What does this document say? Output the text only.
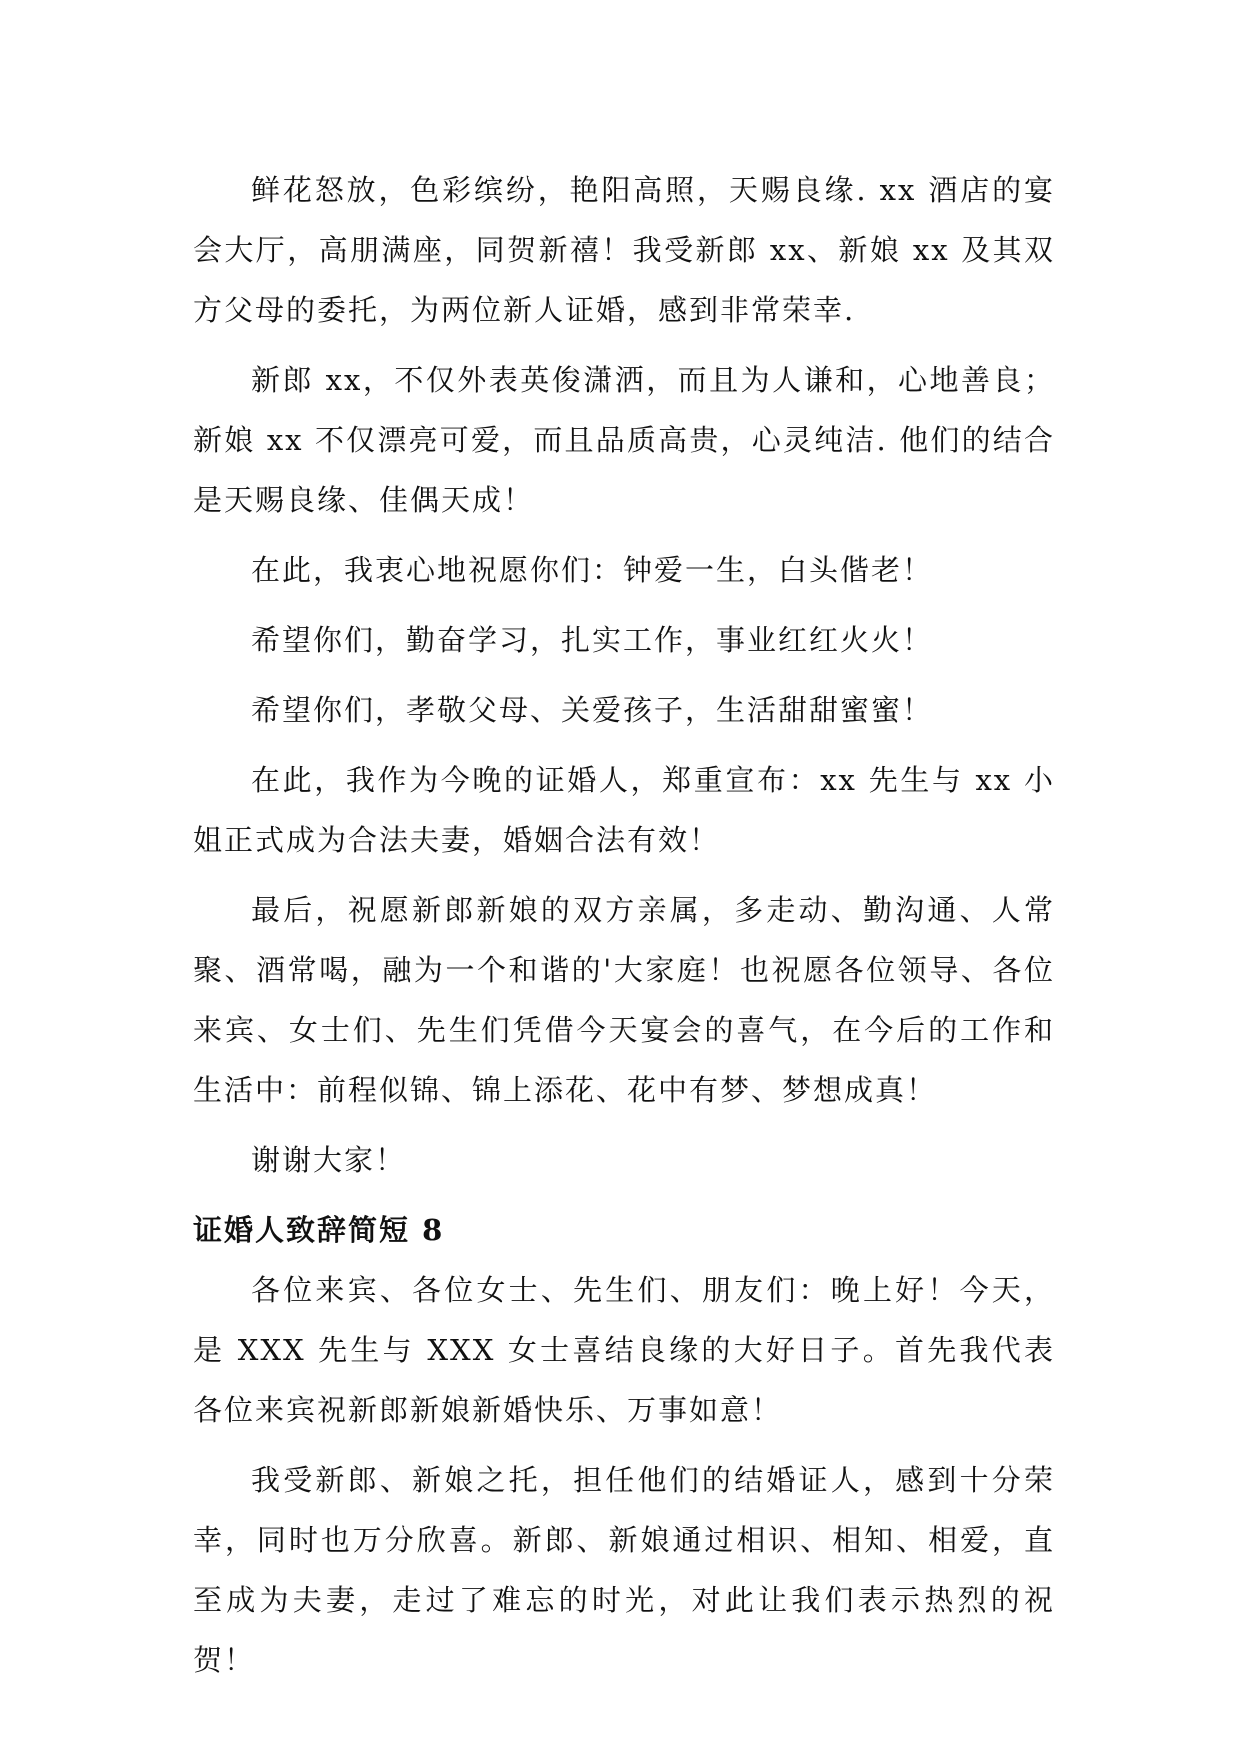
鲜花怒放，色彩缤纷，艳阳高照，天赐良缘. xx 酒店的宴会大厅，高朋满座，同贺新禧！我受新郎 xx、新娘 xx 及其双方父母的委托，为两位新人证婚，感到非常荣幸.

新郎 xx，不仅外表英俊潇洒，而且为人谦和，心地善良；新娘 xx 不仅漂亮可爱，而且品质高贵，心灵纯洁. 他们的结合是天赐良缘、佳偶天成！

在此，我衷心地祝愿你们：钟爱一生，白头偕老！

希望你们，勤奋学习，扎实工作，事业红红火火！

希望你们，孝敬父母、关爱孩子，生活甜甜蜜蜜！

在此，我作为今晚的证婚人，郑重宣布：xx 先生与 xx 小姐正式成为合法夫妻，婚姻合法有效！

最后，祝愿新郎新娘的双方亲属，多走动、勤沟通、人常聚、酒常喝，融为一个和谐的'大家庭！也祝愿各位领导、各位来宾、女士们、先生们凭借今天宴会的喜气，在今后的工作和生活中：前程似锦、锦上添花、花中有梦、梦想成真！

谢谢大家！

证婚人致辞简短 8

各位来宾、各位女士、先生们、朋友们：晚上好！今天，是 XXX 先生与 XXX 女士喜结良缘的大好日子。首先我代表各位来宾祝新郎新娘新婚快乐、万事如意！

我受新郎、新娘之托，担任他们的结婚证人，感到十分荣幸，同时也万分欣喜。新郎、新娘通过相识、相知、相爱，直至成为夫妻，走过了难忘的时光，对此让我们表示热烈的祝贺！
